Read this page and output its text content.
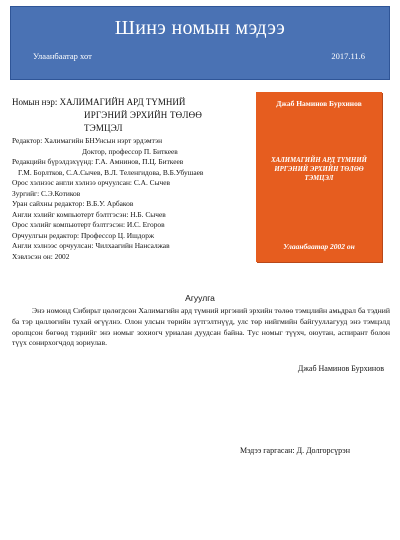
Шинэ номын мэдээ
Улаанбаатар хот	2017.11.6
Номын нэр: ХАЛИМАГИЙН АРД ТҮМНИЙ
ИРГЭНИЙ ЭРХИЙН ТӨЛӨӨ ТЭМЦЭЛ
Редактор: Халимагийн БНУнсын нэрт эрдэмтэн
Доктор, профессор П. Биткеев
Редакцийн бүрэлдэхүүнд: Г.А. Амнинов, П.Ц. Биткеев
Г.М. Борлтков, С.А.Сычев, В.Л. Теленгидова, В.Б.Убушаев
Орос хэлнээс англи хэлнээ орчуулсан: С.А. Сычев
Зургийг: С.Э.Котиков
Уран сайхны редактор: В.Б.У. Арбаков
Англи хэлийг компьютерт бэлтгэсэн: Н.Б. Сычев
Орос хэлийг компьютерт бэлтгэсэн: И.С. Егоров
Орчуулгын редактор: Профессор Ц. Ишдорж
Англи хэлнээс орчуулсан: Чилхаагийн Нансалжав
Хэвлэсэн он: 2002
Джаб Наминов Бурхинов
ХАЛИМАГИЙН АРД ТҮМНИЙ ИРГЭНИЙ ЭРХИЙН ТӨЛӨӨ ТЭМЦЭЛ
Улаанбаатар 2002 он
Агуулга
Энэ номонд Сибирьт цөлөгдсөн Халимагийн ард түмний иргэний эрхийн төлөө тэмцлийн амьдрал ба тэдний ба тэр цөллөгийн тухай өгүүлнэ. Олон улсын төрийн зүтгэлтнүүд, улс төр нийгмийн байгууллагууд энэ тэмцэлд оролцсон бөгөөд тэднийг энэ номыг зохиогч уриалан дуудсан байна. Тус номыг түүхч, оюутан, аспирант болон түүх сонирхогчдод зориулав.
Джаб Наминов Бурхинов
Мэдээ гаргасан: Д. Долгорсүрэн
